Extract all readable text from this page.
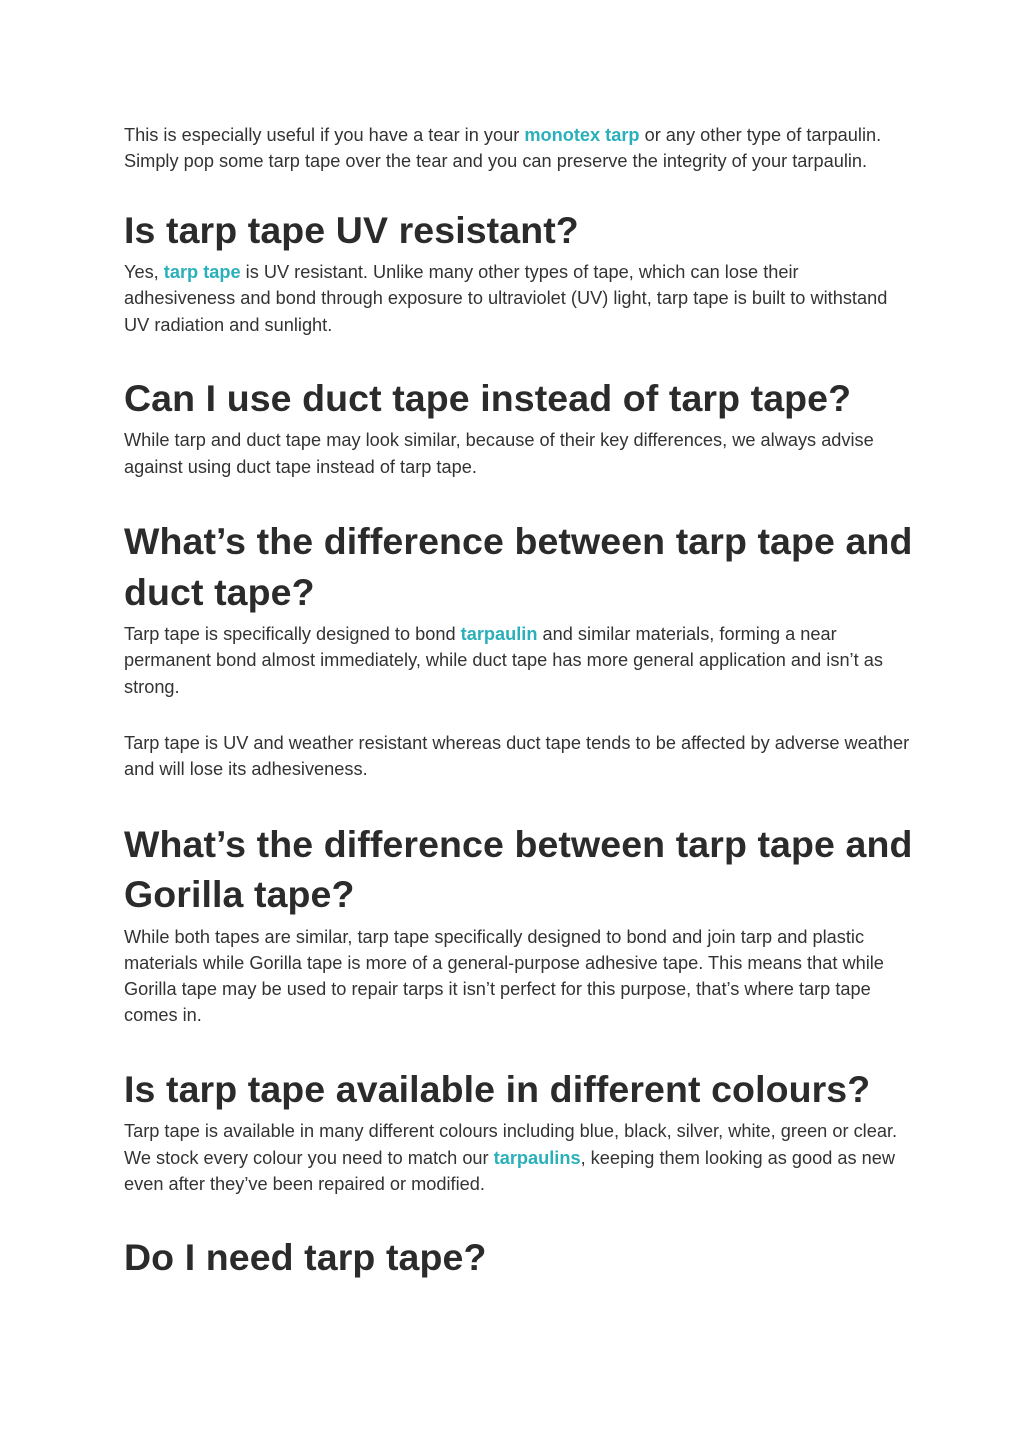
This is especially useful if you have a tear in your monotex tarp or any other type of tarpaulin. Simply pop some tarp tape over the tear and you can preserve the integrity of your tarpaulin.

Is tarp tape UV resistant?

Yes, tarp tape is UV resistant. Unlike many other types of tape, which can lose their adhesiveness and bond through exposure to ultraviolet (UV) light, tarp tape is built to withstand UV radiation and sunlight.

Can I use duct tape instead of tarp tape?

While tarp and duct tape may look similar, because of their key differences, we always advise against using duct tape instead of tarp tape.

What’s the difference between tarp tape and duct tape?

Tarp tape is specifically designed to bond tarpaulin and similar materials, forming a near permanent bond almost immediately, while duct tape has more general application and isn’t as strong.

Tarp tape is UV and weather resistant whereas duct tape tends to be affected by adverse weather and will lose its adhesiveness.

What’s the difference between tarp tape and Gorilla tape?

While both tapes are similar, tarp tape specifically designed to bond and join tarp and plastic materials while Gorilla tape is more of a general-purpose adhesive tape. This means that while Gorilla tape may be used to repair tarps it isn’t perfect for this purpose, that’s where tarp tape comes in.

Is tarp tape available in different colours?

Tarp tape is available in many different colours including blue, black, silver, white, green or clear. We stock every colour you need to match our tarpaulins, keeping them looking as good as new even after they’ve been repaired or modified.

Do I need tarp tape?
